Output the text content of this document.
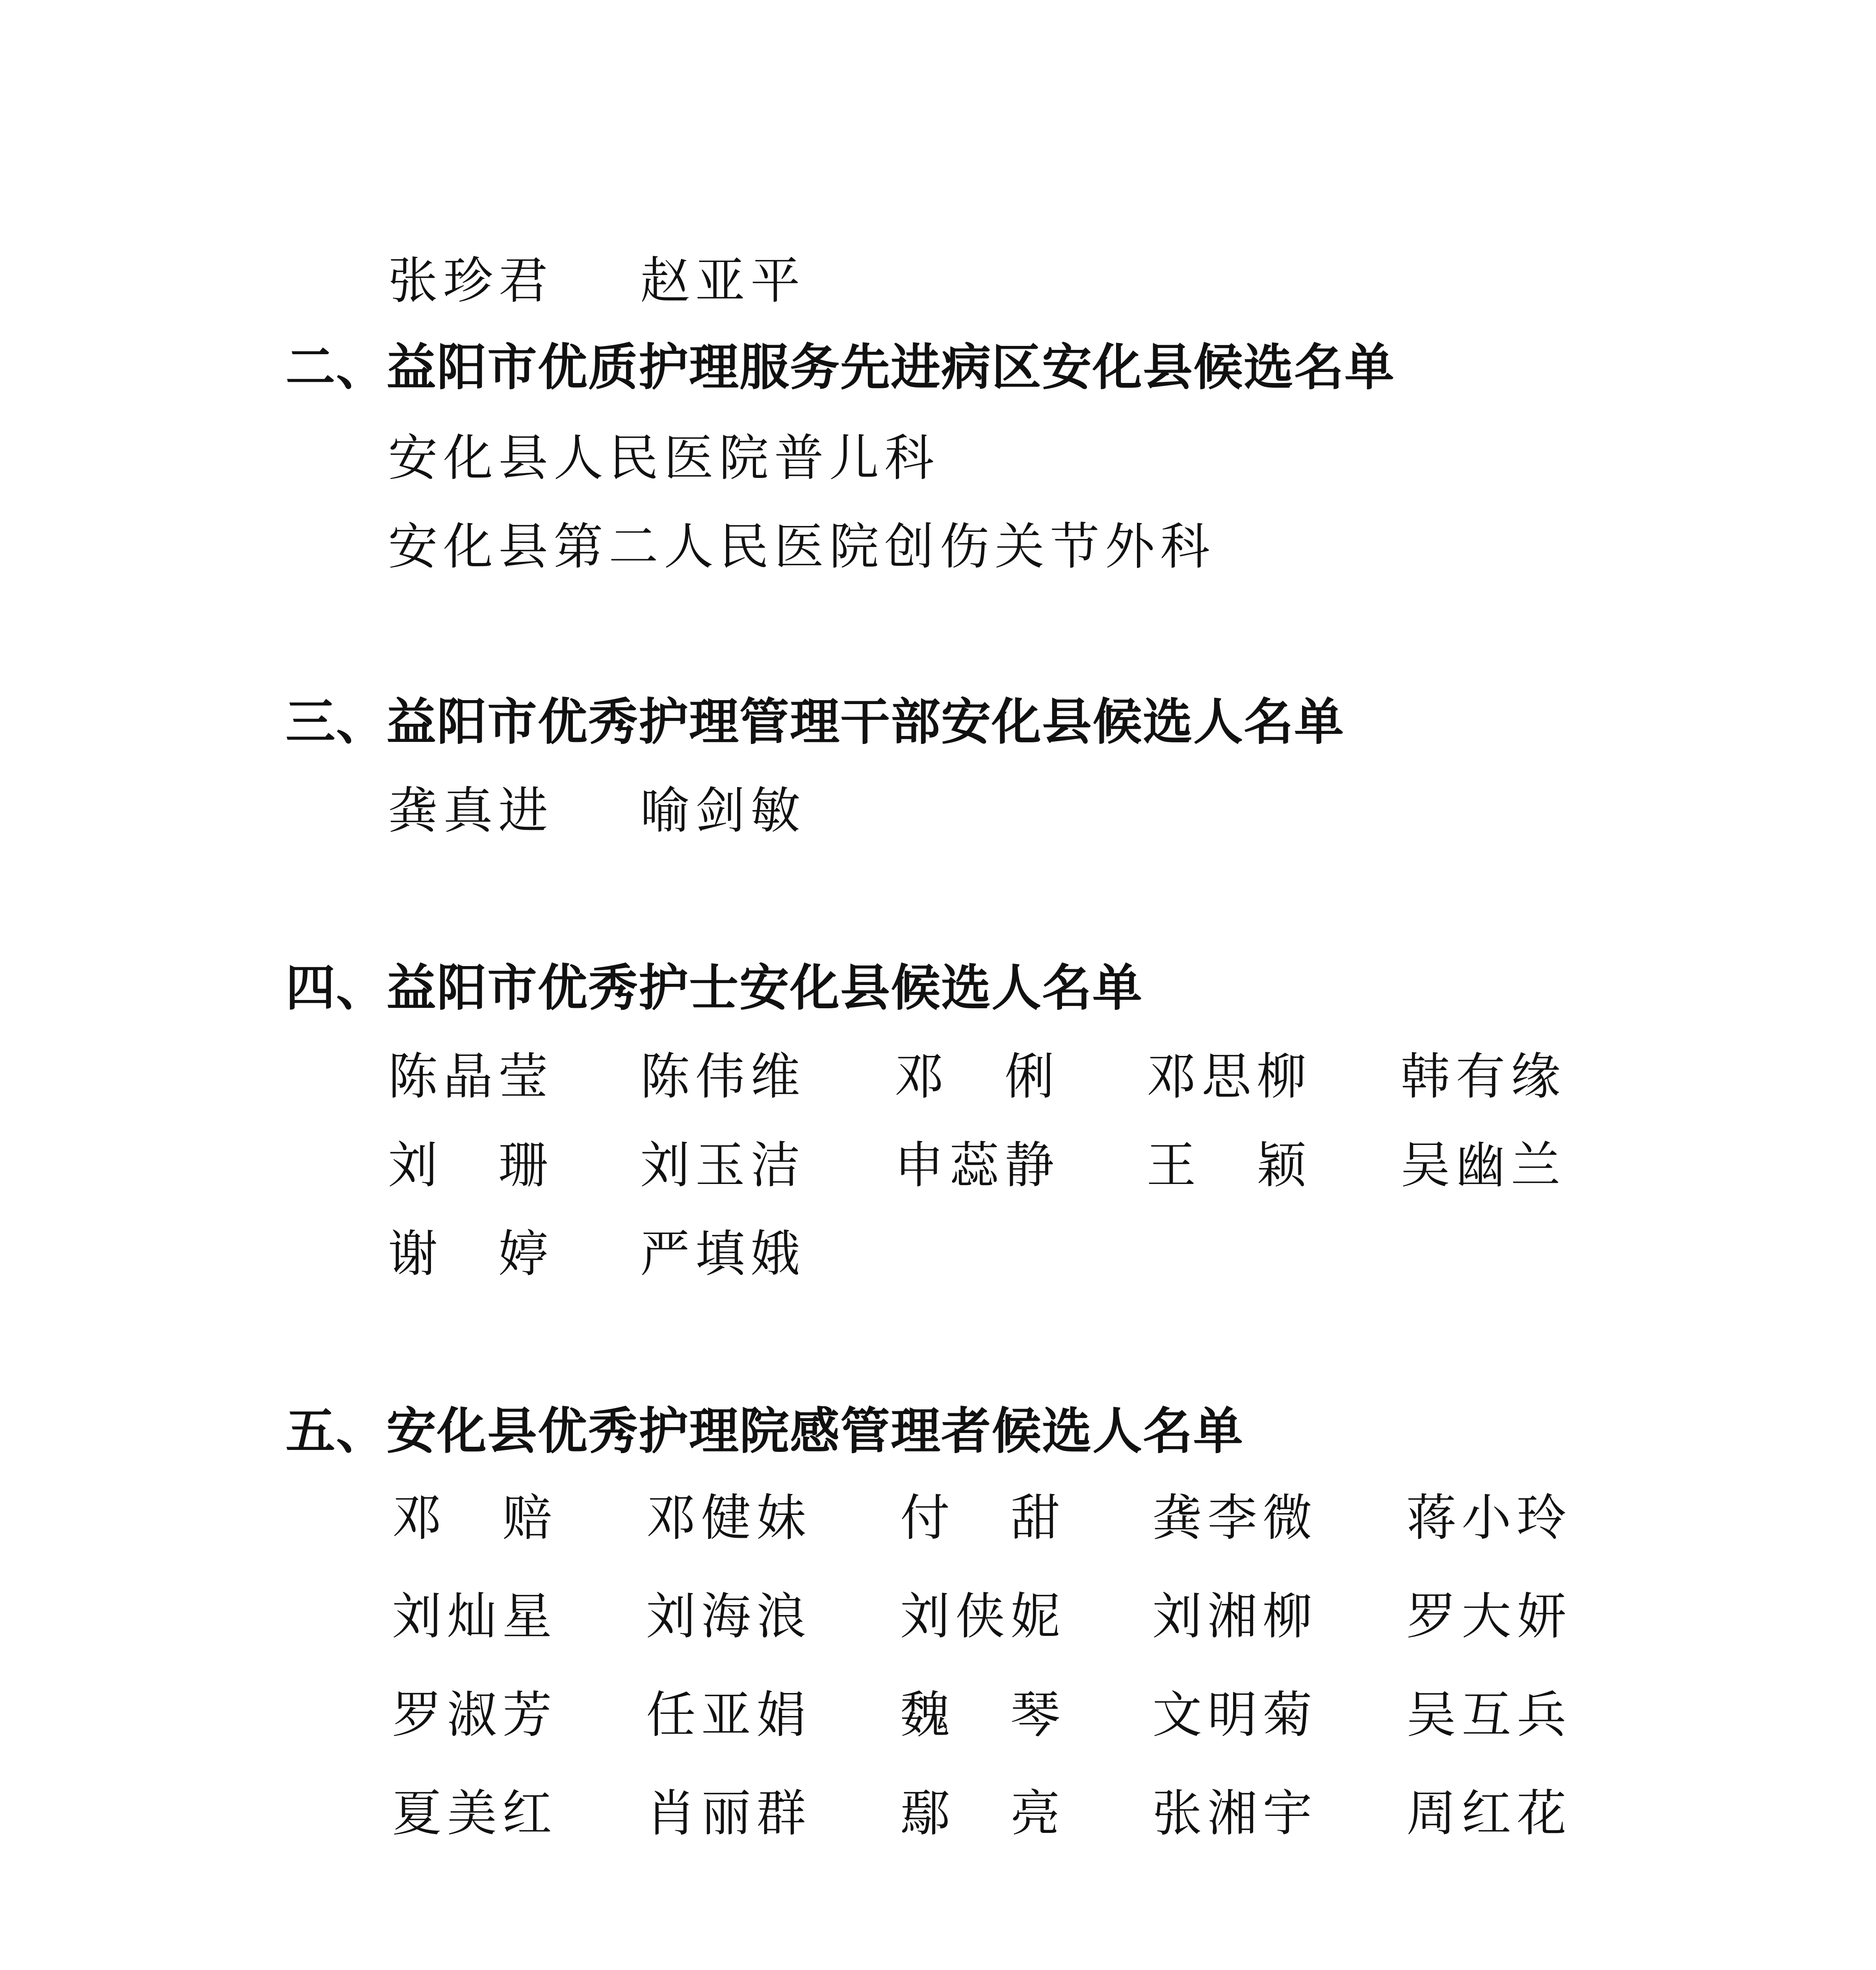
张珍君 赵亚平
二、益阳市优质护理服务先进病区安化县候选名单
安化县人民医院普儿科
安化县第二人民医院创伤关节外科
三、益阳市优秀护理管理干部安化县候选人名单
龚真进 喻剑敏
四、益阳市优秀护士安化县候选人名单
陈晶莹 陈伟维 邓　俐 邓思柳 韩有缘
刘　珊 刘玉洁 申蕊静 王　颖 吴幽兰
谢　婷 严填娥
五、安化县优秀护理院感管理者候选人名单
邓　赔 邓健妹 付　甜 龚李微 蒋小玲
刘灿星 刘海浪 刘侠妮 刘湘柳 罗大妍
罗淑芳 任亚娟 魏　琴 文明菊 吴互兵
夏美红 肖丽群 鄢　亮 张湘宇 周红花
